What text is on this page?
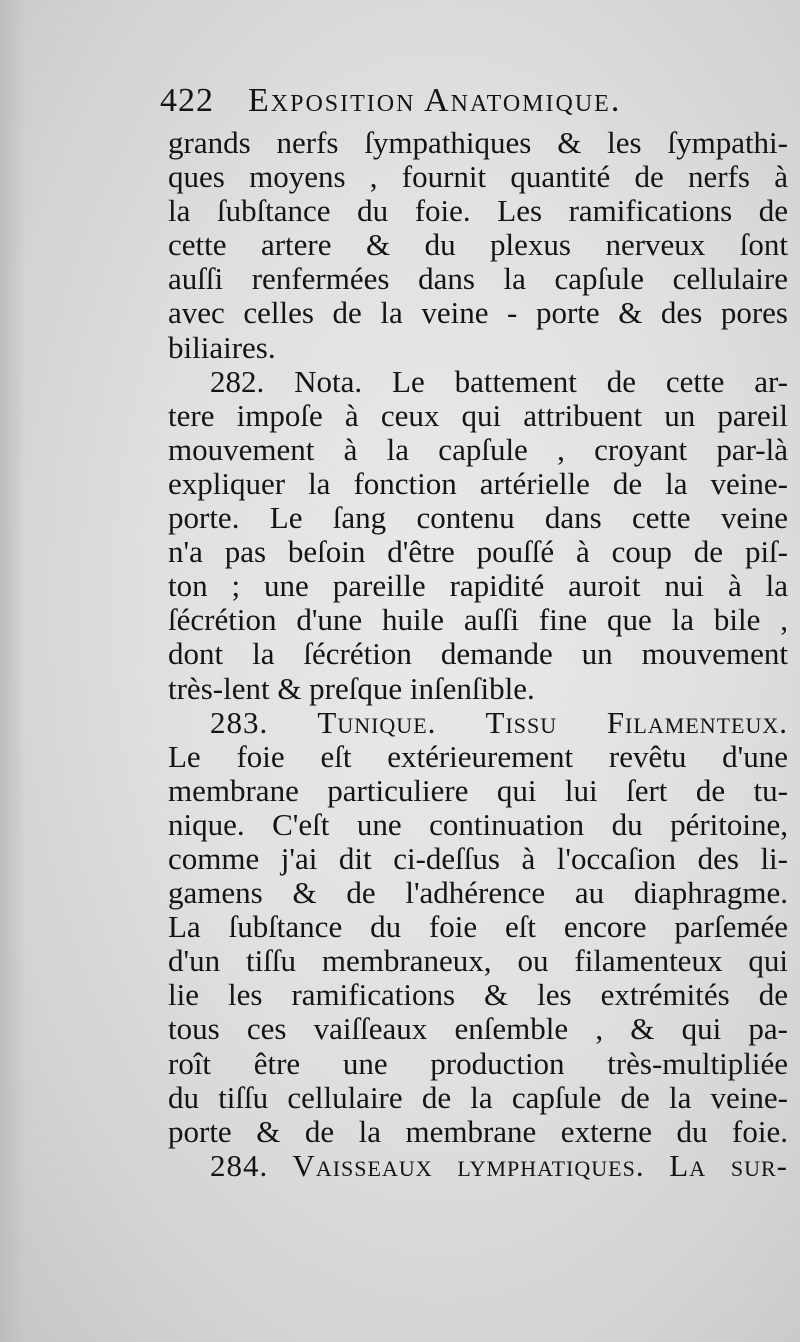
422 Exposition Anatomique.
grands nerfs ſympathiques & les ſympathi-
ques moyens , fournit quantité de nerfs à
la ſubſtance du foie. Les ramifications de
cette artere & du plexus nerveux ſont
auſſi renfermées dans la capſule cellulaire
avec celles de la veine - porte & des pores
biliaires.
282. Nota. Le battement de cette ar-
tere impoſe à ceux qui attribuent un pareil
mouvement à la capſule , croyant par-là
expliquer la fonction artérielle de la veine-
porte. Le ſang contenu dans cette veine
n'a pas beſoin d'être pouſſé à coup de piſ-
ton ; une pareille rapidité auroit nui à la
ſécrétion d'une huile auſſi fine que la bile ,
dont la ſécrétion demande un mouvement
très-lent & preſque inſenſible.
283. Tunique. Tissu Filamenteux.
Le foie eſt extérieurement revêtu d'une
membrane particuliere qui lui ſert de tu-
nique. C'eſt une continuation du péritoine,
comme j'ai dit ci-deſſus à l'occaſion des li-
gamens & de l'adhérence au diaphragme.
La ſubſtance du foie eſt encore parſemée
d'un tiſſu membraneux, ou filamenteux qui
lie les ramifications & les extrémités de
tous ces vaiſſeaux enſemble , & qui pa-
roît être une production très-multipliée
du tiſſu cellulaire de la capſule de la veine-
porte & de la membrane externe du foie.
284. Vaisseaux lymphatiques. La ſur-
